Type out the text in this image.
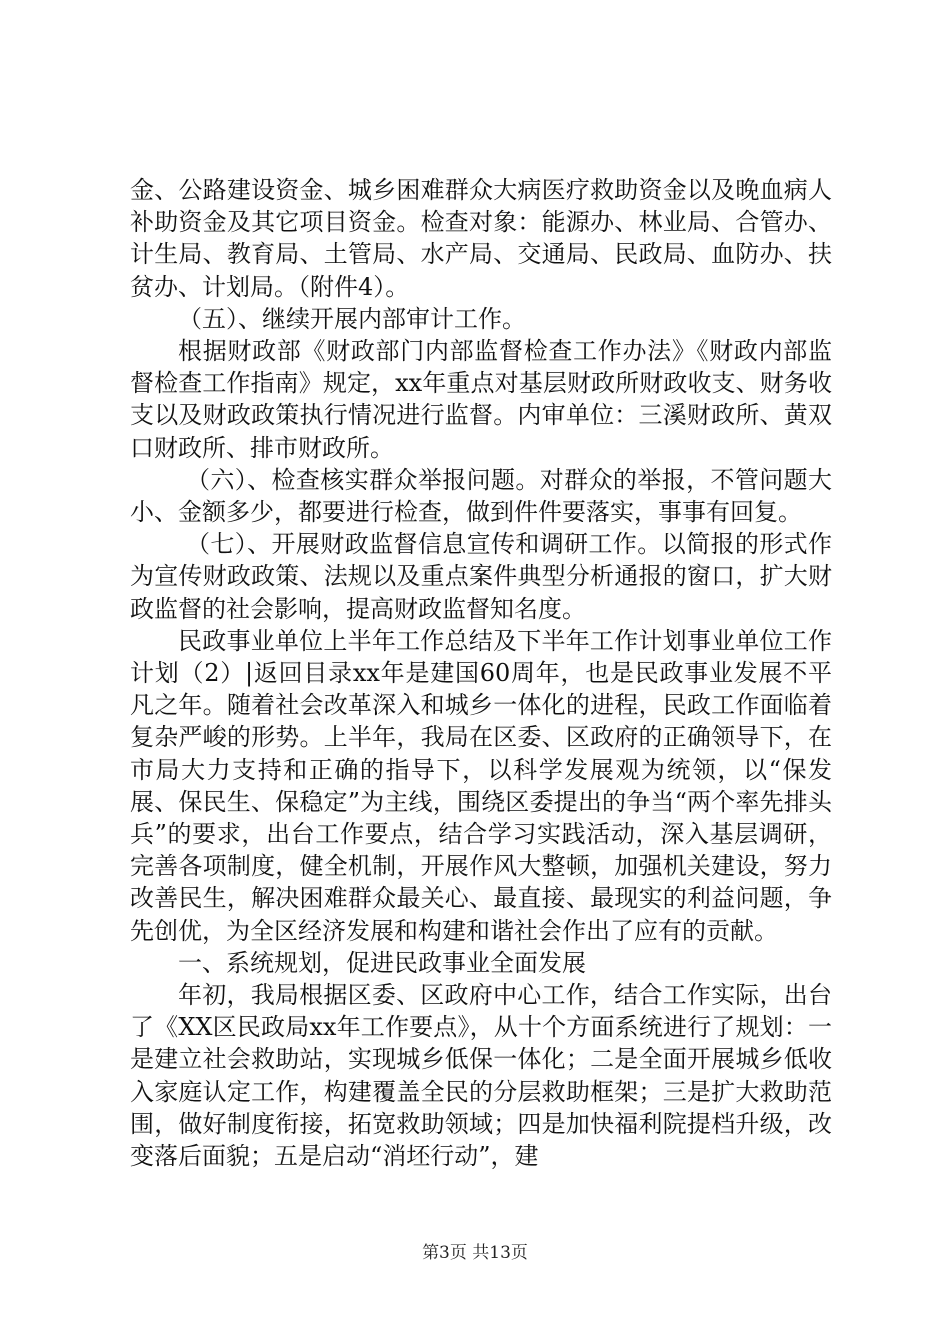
金、公路建设资金、城乡困难群众大病医疗救助资金以及晚血病人补助资金及其它项目资金。检查对象：能源办、林业局、合管办、计生局、教育局、土管局、水产局、交通局、民政局、血防办、扶贫办、计划局。（附件4）。

（五）、继续开展内部审计工作。

根据财政部《财政部门内部监督检查工作办法》《财政内部监督检查工作指南》规定，xx年重点对基层财政所财政收支、财务收支以及财政政策执行情况进行监督。内审单位：三溪财政所、黄双口财政所、排市财政所。

（六）、检查核实群众举报问题。对群众的举报，不管问题大小、金额多少，都要进行检查，做到件件要落实，事事有回复。

（七）、开展财政监督信息宣传和调研工作。以简报的形式作为宣传财政政策、法规以及重点案件典型分析通报的窗口，扩大财政监督的社会影响，提高财政监督知名度。

民政事业单位上半年工作总结及下半年工作计划事业单位工作计划（2）|返回目录xx年是建国60周年，也是民政事业发展不平凡之年。随着社会改革深入和城乡一体化的进程，民政工作面临着复杂严峻的形势。上半年，我局在区委、区政府的正确领导下，在市局大力支持和正确的指导下，以科学发展观为统领，以“保发展、保民生、保稳定”为主线，围绕区委提出的争当“两个率先排头兵”的要求，出台工作要点，结合学习实践活动，深入基层调研，完善各项制度，健全机制，开展作风大整顿，加强机关建设，努力改善民生，解决困难群众最关心、最直接、最现实的利益问题，争先创优，为全区经济发展和构建和谐社会作出了应有的贡献。

一、系统规划，促进民政事业全面发展

年初，我局根据区委、区政府中心工作，结合工作实际，出台了《XX区民政局xx年工作要点》，从十个方面系统进行了规划：一是建立社会救助站，实现城乡低保一体化；二是全面开展城乡低收入家庭认定工作，构建覆盖全民的分层救助框架；三是扩大救助范围，做好制度衔接，拓宽救助领域；四是加快福利院提档升级，改变落后面貌；五是启动“消坯行动”，建

第3页 共13页
